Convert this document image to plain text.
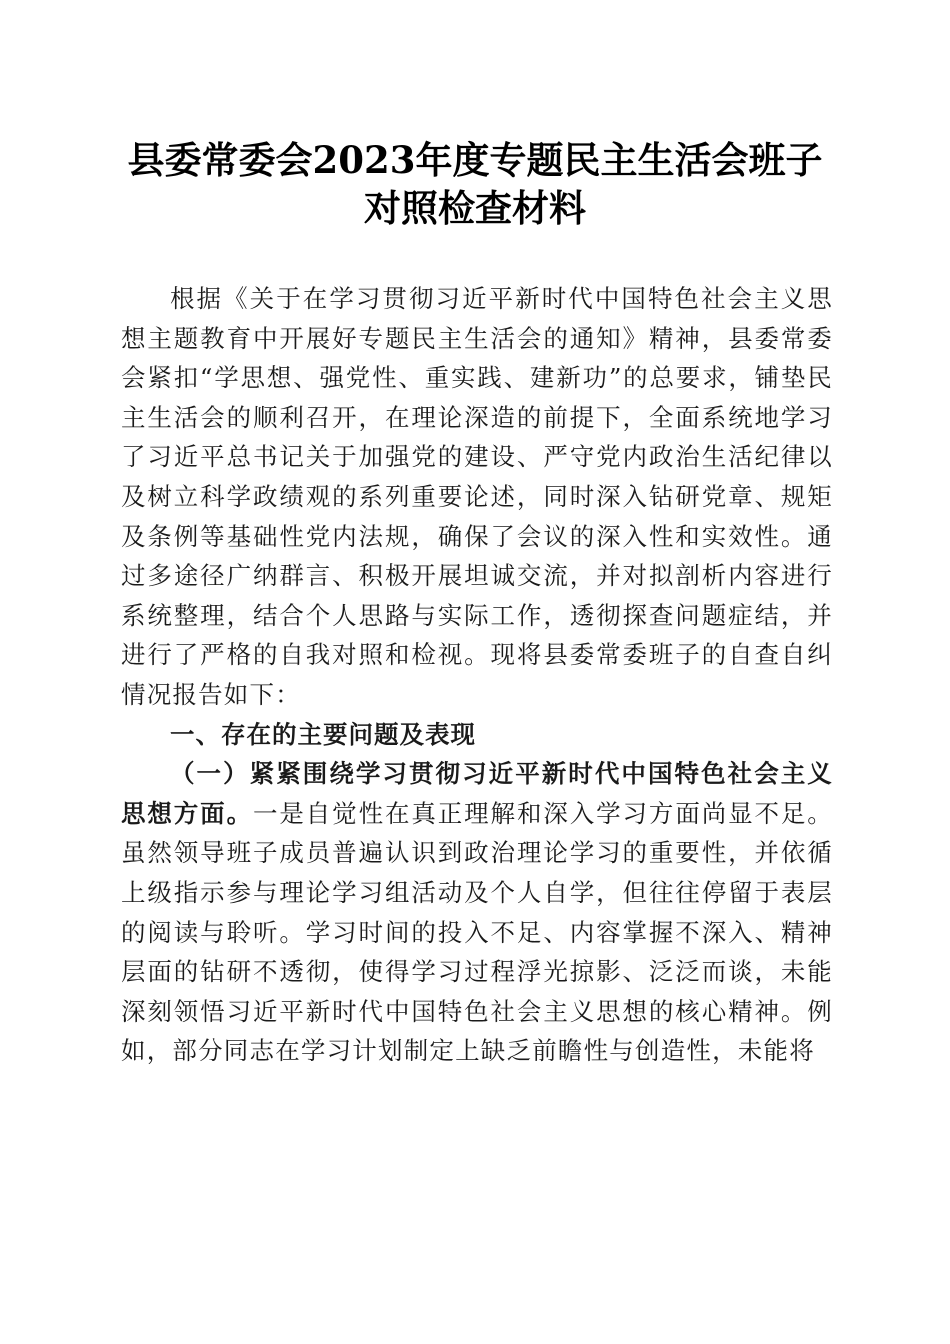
县委常委会2023年度专题民主生活会班子对照检查材料

根据《关于在学习贯彻习近平新时代中国特色社会主义思想主题教育中开展好专题民主生活会的通知》精神，县委常委会紧扣“学思想、强党性、重实践、建新功”的总要求，铺垫民主生活会的顺利召开，在理论深造的前提下，全面系统地学习了习近平总书记关于加强党的建设、严守党内政治生活纪律以及树立科学政绩观的系列重要论述，同时深入钻研党章、规矩及条例等基础性党内法规，确保了会议的深入性和实效性。通过多途径广纳群言、积极开展坦诚交流，并对拟剖析内容进行系统整理，结合个人思路与实际工作，透彻探查问题症结，并进行了严格的自我对照和检视。现将县委常委班子的自查自纠情况报告如下：

一、存在的主要问题及表现

（一）紧紧围绕学习贯彻习近平新时代中国特色社会主义思想方面。一是自觉性在真正理解和深入学习方面尚显不足。虽然领导班子成员普遍认识到政治理论学习的重要性，并依循上级指示参与理论学习组活动及个人自学，但往往停留于表层的阅读与聆听。学习时间的投入不足、内容掌握不深入、精神层面的钻研不透彻，使得学习过程浮光掠影、泛泛而谈，未能深刻领悟习近平新时代中国特色社会主义思想的核心精神。例如，部分同志在学习计划制定上缺乏前瞻性与创造性，未能将
